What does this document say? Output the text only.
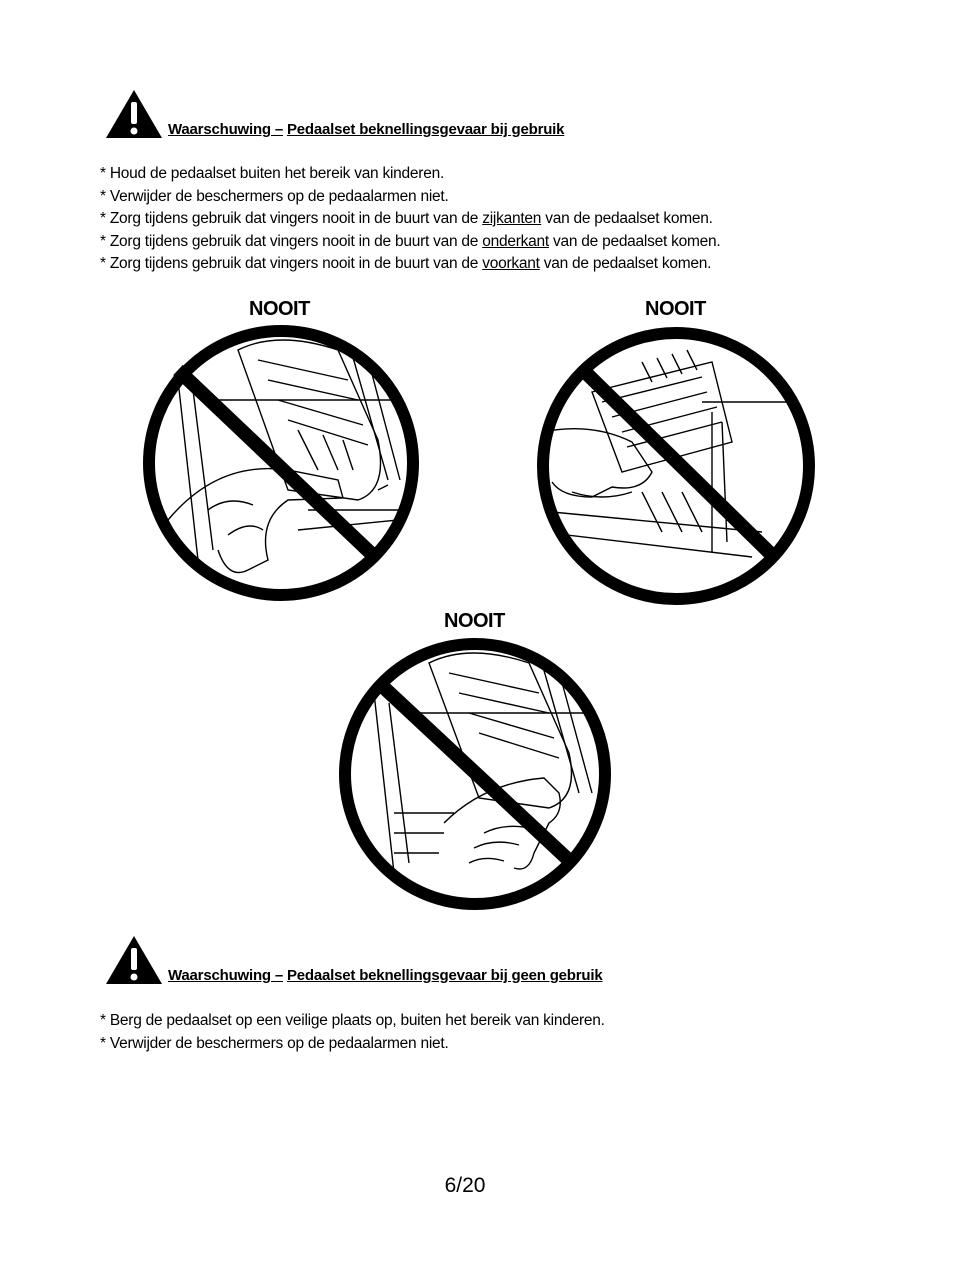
Waarschuwing – Pedaalset beknellingsgevaar bij gebruik
* Houd de pedaalset buiten het bereik van kinderen.
* Verwijder de beschermers op de pedaalarmen niet.
* Zorg tijdens gebruik dat vingers nooit in de buurt van de zijkanten van de pedaalset komen.
* Zorg tijdens gebruik dat vingers nooit in de buurt van de onderkant van de pedaalset komen.
* Zorg tijdens gebruik dat vingers nooit in de buurt van de voorkant van de pedaalset komen.
NOOIT	NOOIT
NOOIT
Waarschuwing – Pedaalset beknellingsgevaar bij geen gebruik
* Berg de pedaalset op een veilige plaats op, buiten het bereik van kinderen.
* Verwijder de beschermers op de pedaalarmen niet.
6/20
